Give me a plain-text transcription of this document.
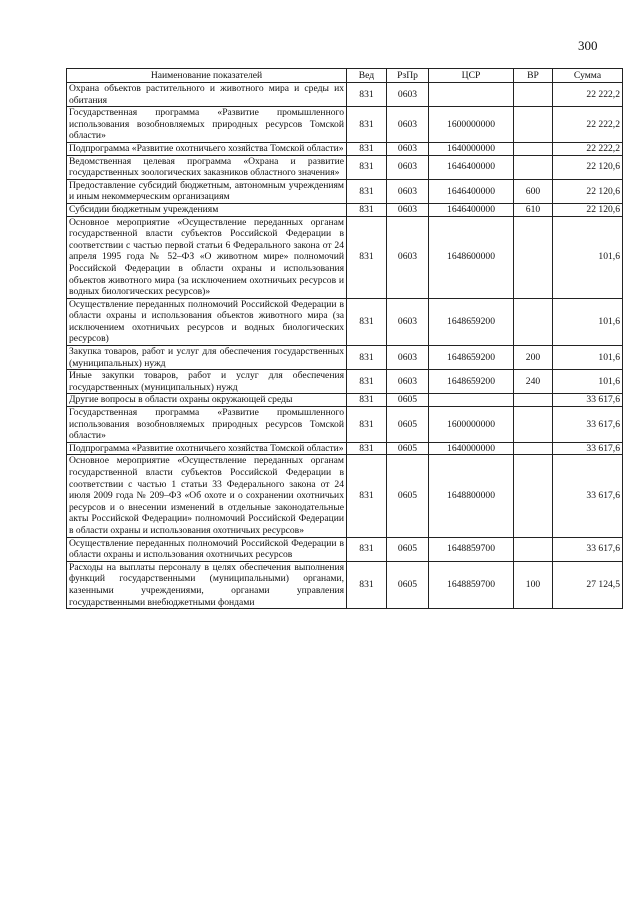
300
Наименование показателей	Вед	РзПр	ЦСР	ВР	Сумма
Охрана объектов растительного и животного мира и среды их обитания	831	0603			22 222,2
Государственная программа «Развитие промышленного использования возобновляемых природных ресурсов Томской области»	831	0603	1600000000		22 222,2
Подпрограмма «Развитие охотничьего хозяйства Томской области»	831	0603	1640000000		22 222,2
Ведомственная целевая программа «Охрана и развитие государственных зоологических заказников областного значения»	831	0603	1646400000		22 120,6
Предоставление субсидий бюджетным, автономным учреждениям и иным некоммерческим организациям	831	0603	1646400000	600	22 120,6
Субсидии бюджетным учреждениям	831	0603	1646400000	610	22 120,6
Основное мероприятие «Осуществление переданных органам государственной власти субъектов Российской Федерации в соответствии с частью первой статьи 6 Федерального закона от 24 апреля 1995 года № 52–ФЗ «О животном мире» полномочий Российской Федерации в области охраны и использования объектов животного мира (за исключением охотничьих ресурсов и водных биологических ресурсов)»	831	0603	1648600000		101,6
Осуществление переданных полномочий Российской Федерации в области охраны и использования объектов животного мира (за исключением охотничьих ресурсов и водных биологических ресурсов)	831	0603	1648659200		101,6
Закупка товаров, работ и услуг для обеспечения государственных (муниципальных) нужд	831	0603	1648659200	200	101,6
Иные закупки товаров, работ и услуг для обеспечения государственных (муниципальных) нужд	831	0603	1648659200	240	101,6
Другие вопросы в области охраны окружающей среды	831	0605			33 617,6
Государственная программа «Развитие промышленного использования возобновляемых природных ресурсов Томской области»	831	0605	1600000000		33 617,6
Подпрограмма «Развитие охотничьего хозяйства Томской области»	831	0605	1640000000		33 617,6
Основное мероприятие «Осуществление переданных органам государственной власти субъектов Российской Федерации в соответствии с частью 1 статьи 33 Федерального закона от 24 июля 2009 года № 209–ФЗ «Об охоте и о сохранении охотничьих ресурсов и о внесении изменений в отдельные законодательные акты Российской Федерации» полномочий Российской Федерации в области охраны и использования охотничьих ресурсов»	831	0605	1648800000		33 617,6
Осуществление переданных полномочий Российской Федерации в области охраны и использования охотничьих ресурсов	831	0605	1648859700		33 617,6
Расходы на выплаты персоналу в целях обеспечения выполнения функций государственными (муниципальными) органами, казенными учреждениями, органами управления государственными внебюджетными фондами	831	0605	1648859700	100	27 124,5
